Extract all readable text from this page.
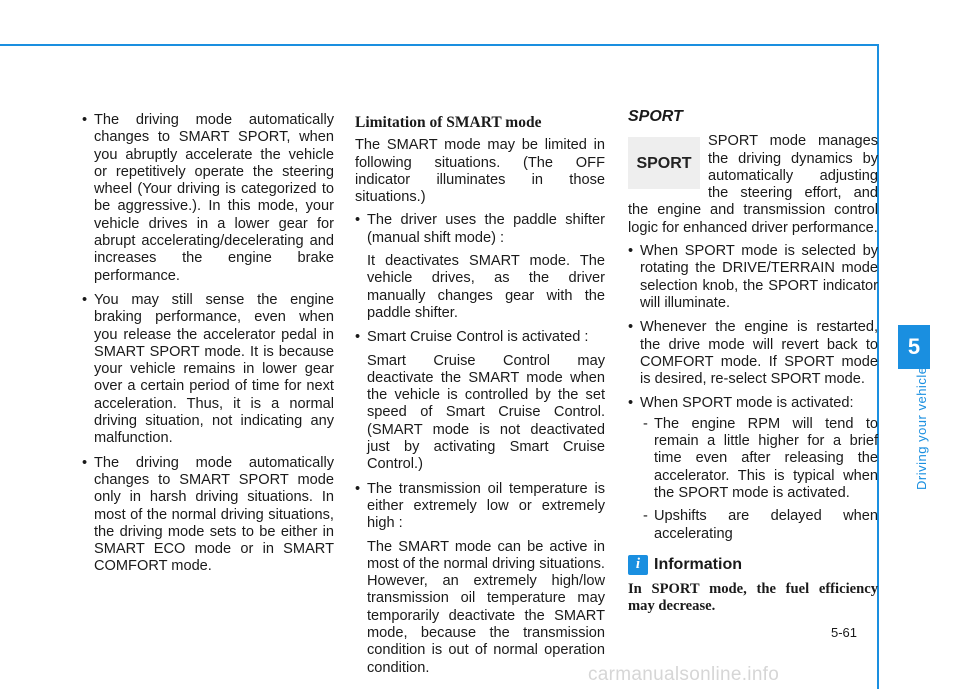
5
Driving your vehicle
• The driving mode automatically changes to SMART SPORT, when you abruptly accelerate the vehicle or repetitively operate the steering wheel (Your driving is categorized to be aggressive.). In this mode, your vehicle drives in a lower gear for abrupt accelerating/decelerating and increases the engine brake performance.
• You may still sense the engine braking performance, even when you release the accelerator pedal in SMART SPORT mode. It is because your vehicle remains in lower gear over a certain period of time for next acceleration. Thus, it is a normal driving situation, not indicating any malfunction.
• The driving mode automatically changes to SMART SPORT mode only in harsh driving situations. In most of the normal driving situations, the driving mode sets to be either in SMART ECO mode or in SMART COMFORT mode.
Limitation of SMART mode

The SMART mode may be limited in following situations. (The OFF indicator illuminates in those situations.)

• The driver uses the paddle shifter (manual shift mode) :
It deactivates SMART mode. The vehicle drives, as the driver manually changes gear with the paddle shifter.
• Smart Cruise Control is activated :
Smart Cruise Control may deactivate the SMART mode when the vehicle is controlled by the set speed of Smart Cruise Control. (SMART mode is not deactivated just by activating Smart Cruise Control.)
• The transmission oil temperature is either extremely low or extremely high :
The SMART mode can be active in most of the normal driving situations. However, an extremely high/low transmission oil temperature may temporarily deactivate the SMART mode, because the transmission condition is out of normal operation condition.
SPORT
SPORT

SPORT mode manages the driving dynamics by automatically adjusting the steering effort, and the engine and transmission control logic for enhanced driver performance.

• When SPORT mode is selected by rotating the DRIVE/TERRAIN mode selection knob, the SPORT indicator will illuminate.
• Whenever the engine is restarted, the drive mode will revert back to COMFORT mode. If SPORT mode is desired, re-select SPORT mode.
• When SPORT mode is activated:
- The engine RPM will tend to remain a little higher for a brief time even after releasing the accelerator. This is typical when the SPORT mode is activated.
- Upshifts are delayed when accelerating
i Information
In SPORT mode, the fuel efficiency may decrease.
5-61
carmanualsonline.info
